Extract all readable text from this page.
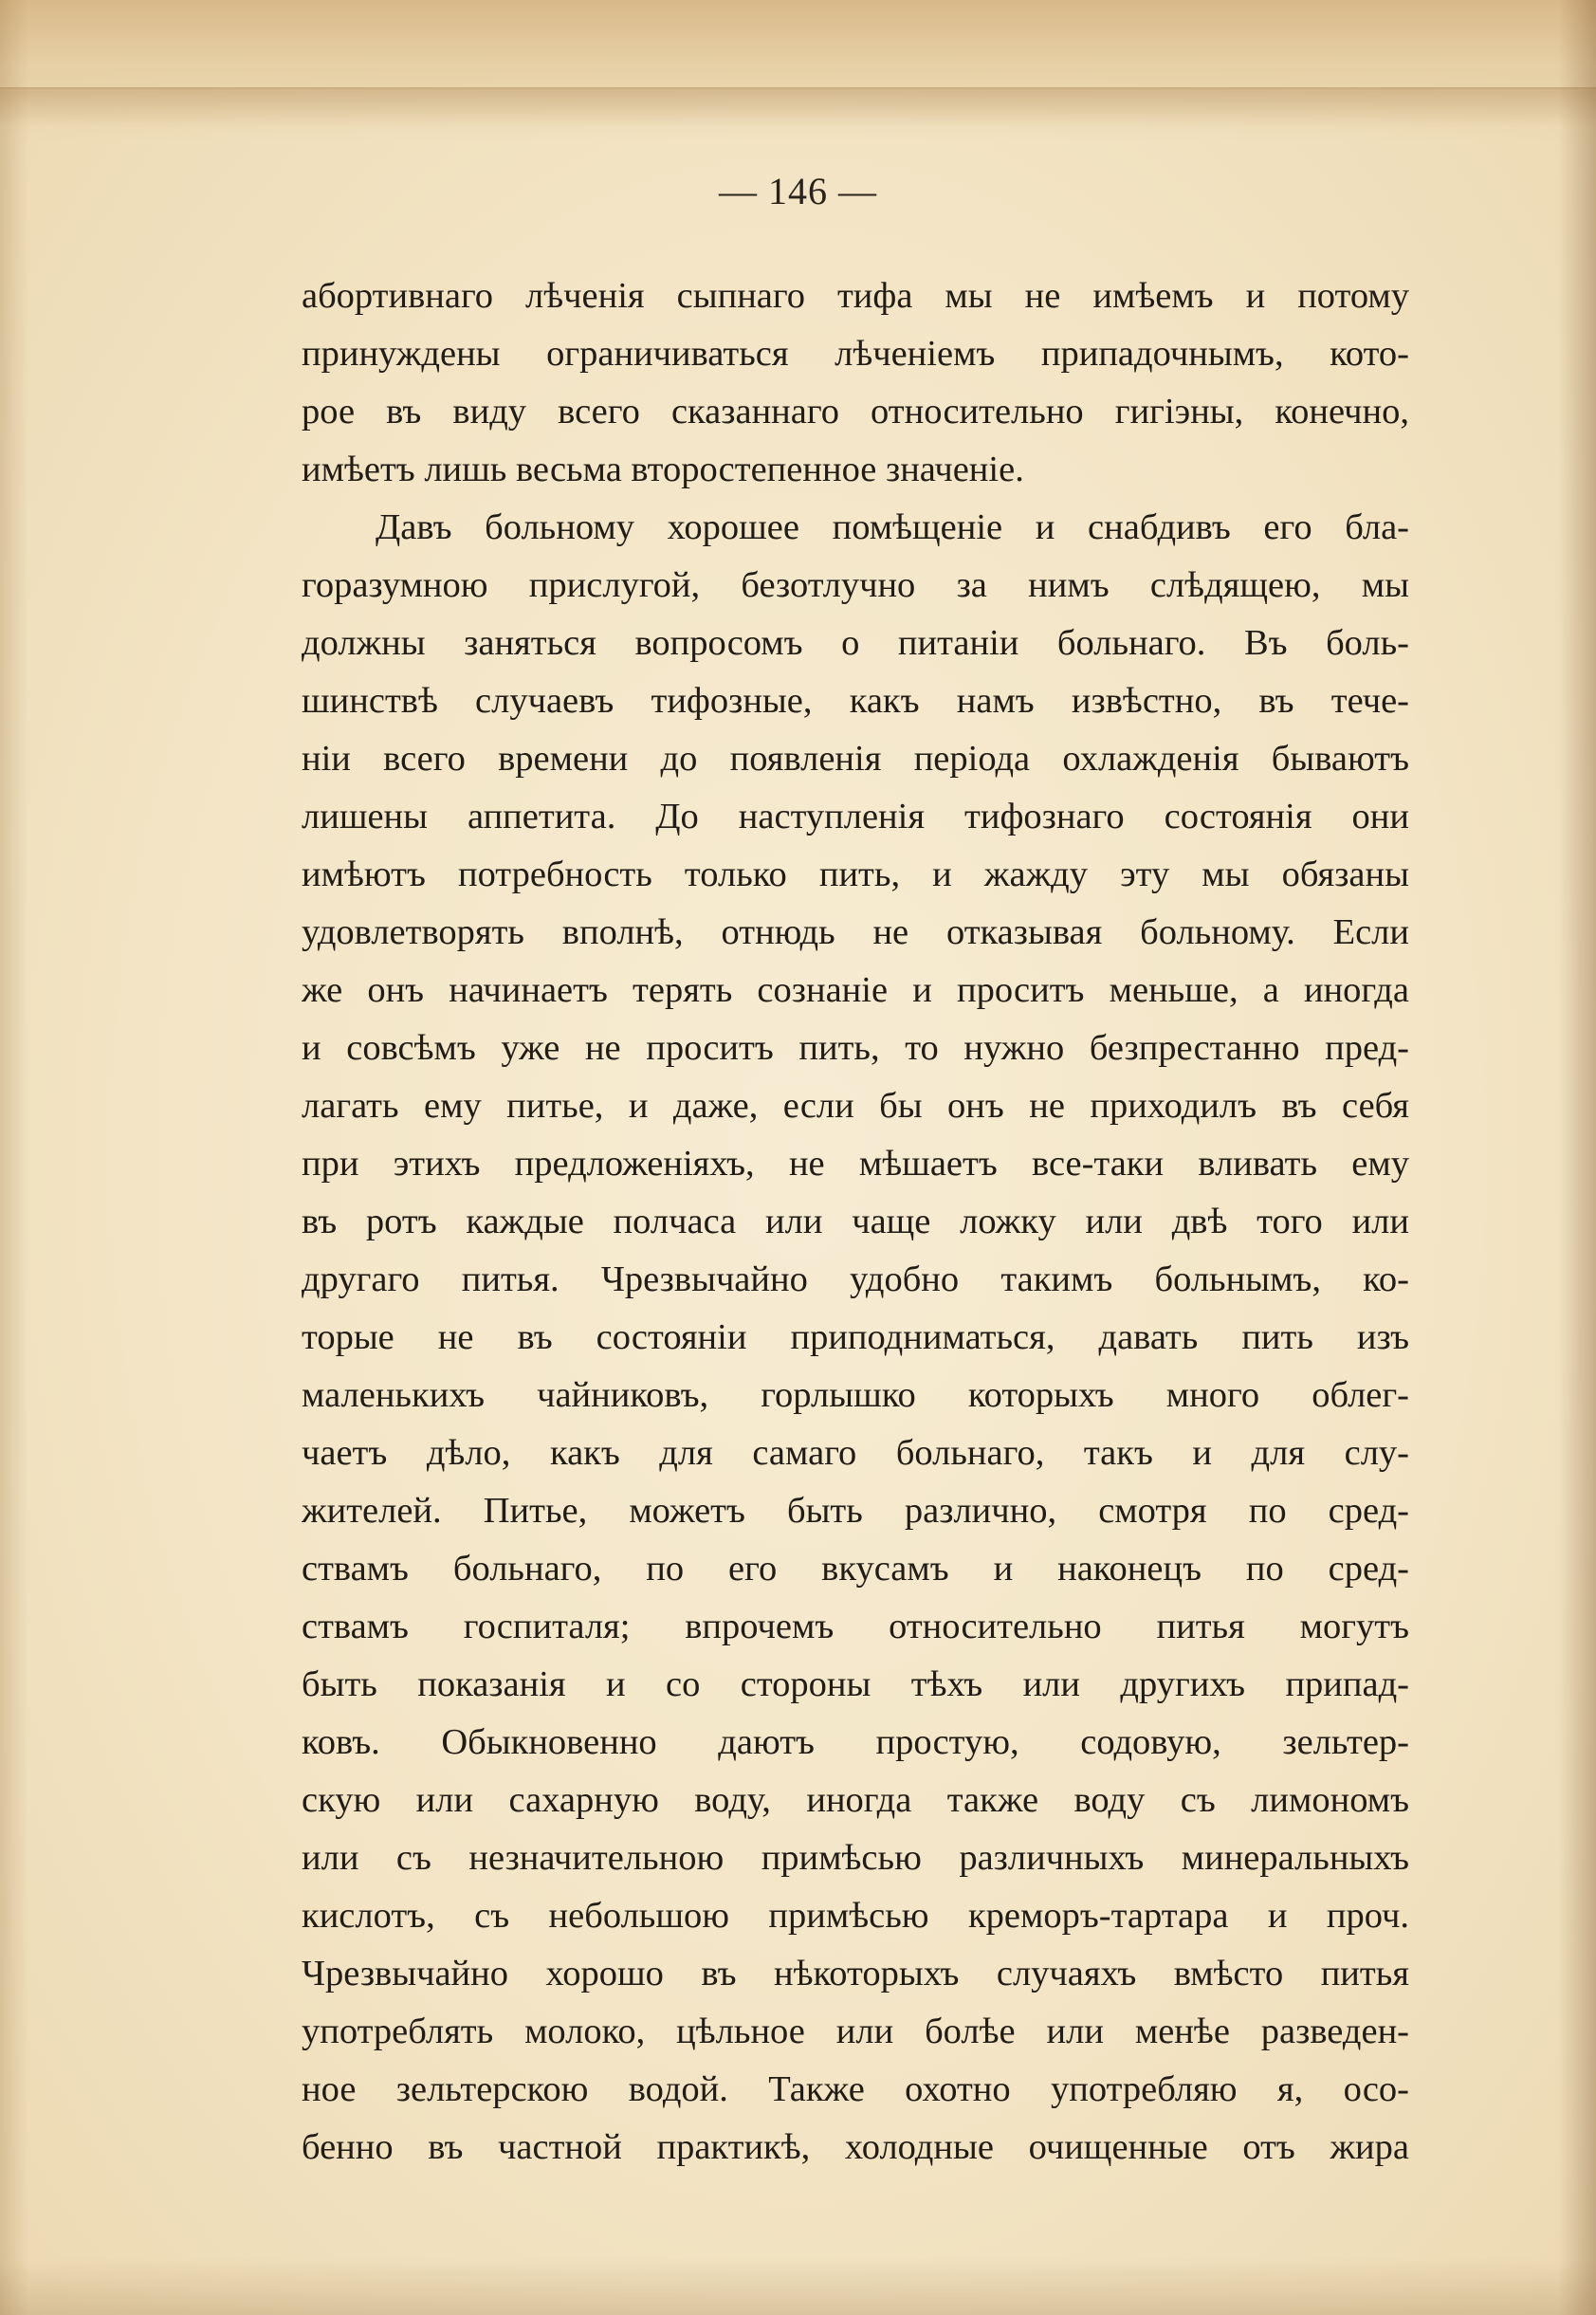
— 146 —
абортивнаго лѣченія сыпнаго тифа мы не имѣемъ и потому
принуждены ограничиваться лѣченіемъ припадочнымъ, кото-
рое въ виду всего сказаннаго относительно гигіэны, конечно,
имѣетъ лишь весьма второстепенное значеніе.
Давъ больному хорошее помѣщеніе и снабдивъ его бла-
горазумною прислугой, безотлучно за нимъ слѣдящею, мы
должны заняться вопросомъ о питаніи больнаго. Въ боль-
шинствѣ случаевъ тифозные, какъ намъ извѣстно, въ тече-
ніи всего времени до появленія періода охлажденія бываютъ
лишены аппетита. До наступленія тифознаго состоянія они
имѣютъ потребность только пить, и жажду эту мы обязаны
удовлетворять вполнѣ, отнюдь не отказывая больному. Если
же онъ начинаетъ терять сознаніе и проситъ меньше, а иногда
и совсѣмъ уже не проситъ пить, то нужно безпрестанно пред-
лагать ему питье, и даже, если бы онъ не приходилъ въ себя
при этихъ предложеніяхъ, не мѣшаетъ все-таки вливать ему
въ ротъ каждые полчаса или чаще ложку или двѣ того или
другаго питья. Чрезвычайно удобно такимъ больнымъ, ко-
торые не въ состояніи приподниматься, давать пить изъ
маленькихъ чайниковъ, горлышко которыхъ много облег-
чаетъ дѣло, какъ для самаго больнаго, такъ и для слу-
жителей. Питье, можетъ быть различно, смотря по сред-
ствамъ больнаго, по его вкусамъ и наконецъ по сред-
ствамъ госпиталя; впрочемъ относительно питья могутъ
быть показанія и со стороны тѣхъ или другихъ припад-
ковъ. Обыкновенно даютъ простую, содовую, зельтер-
скую или сахарную воду, иногда также воду съ лимономъ
или съ незначительною примѣсью различныхъ минеральныхъ
кислотъ, съ небольшою примѣсью креморъ-тартара и проч.
Чрезвычайно хорошо въ нѣкоторыхъ случаяхъ вмѣсто питья
употреблять молоко, цѣльное или болѣе или менѣе разведен-
ное зельтерскою водой. Также охотно употребляю я, осо-
бенно въ частной практикѣ, холодные очищенные отъ жира
